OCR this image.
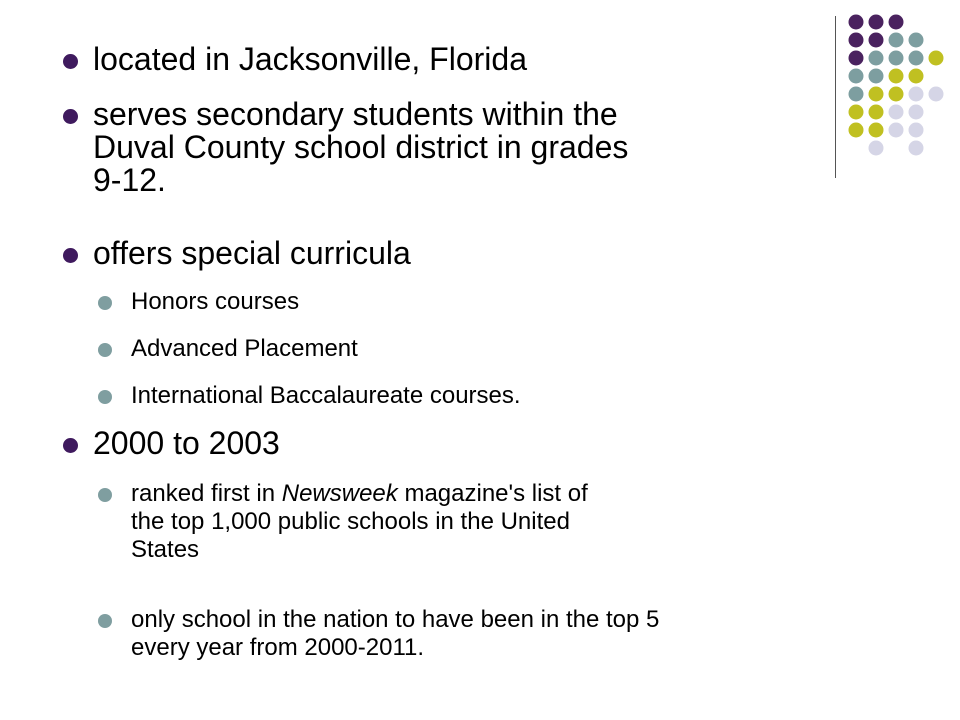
located in Jacksonville, Florida
serves secondary students within the
Duval County school district in grades
9-12.
offers special curricula
Honors courses
Advanced Placement
International Baccalaureate courses.
2000 to 2003
ranked first in Newsweek magazine's list of
the top 1,000 public schools in the United
States
only school in the nation to have been in the top 5
every year from 2000-2011.
